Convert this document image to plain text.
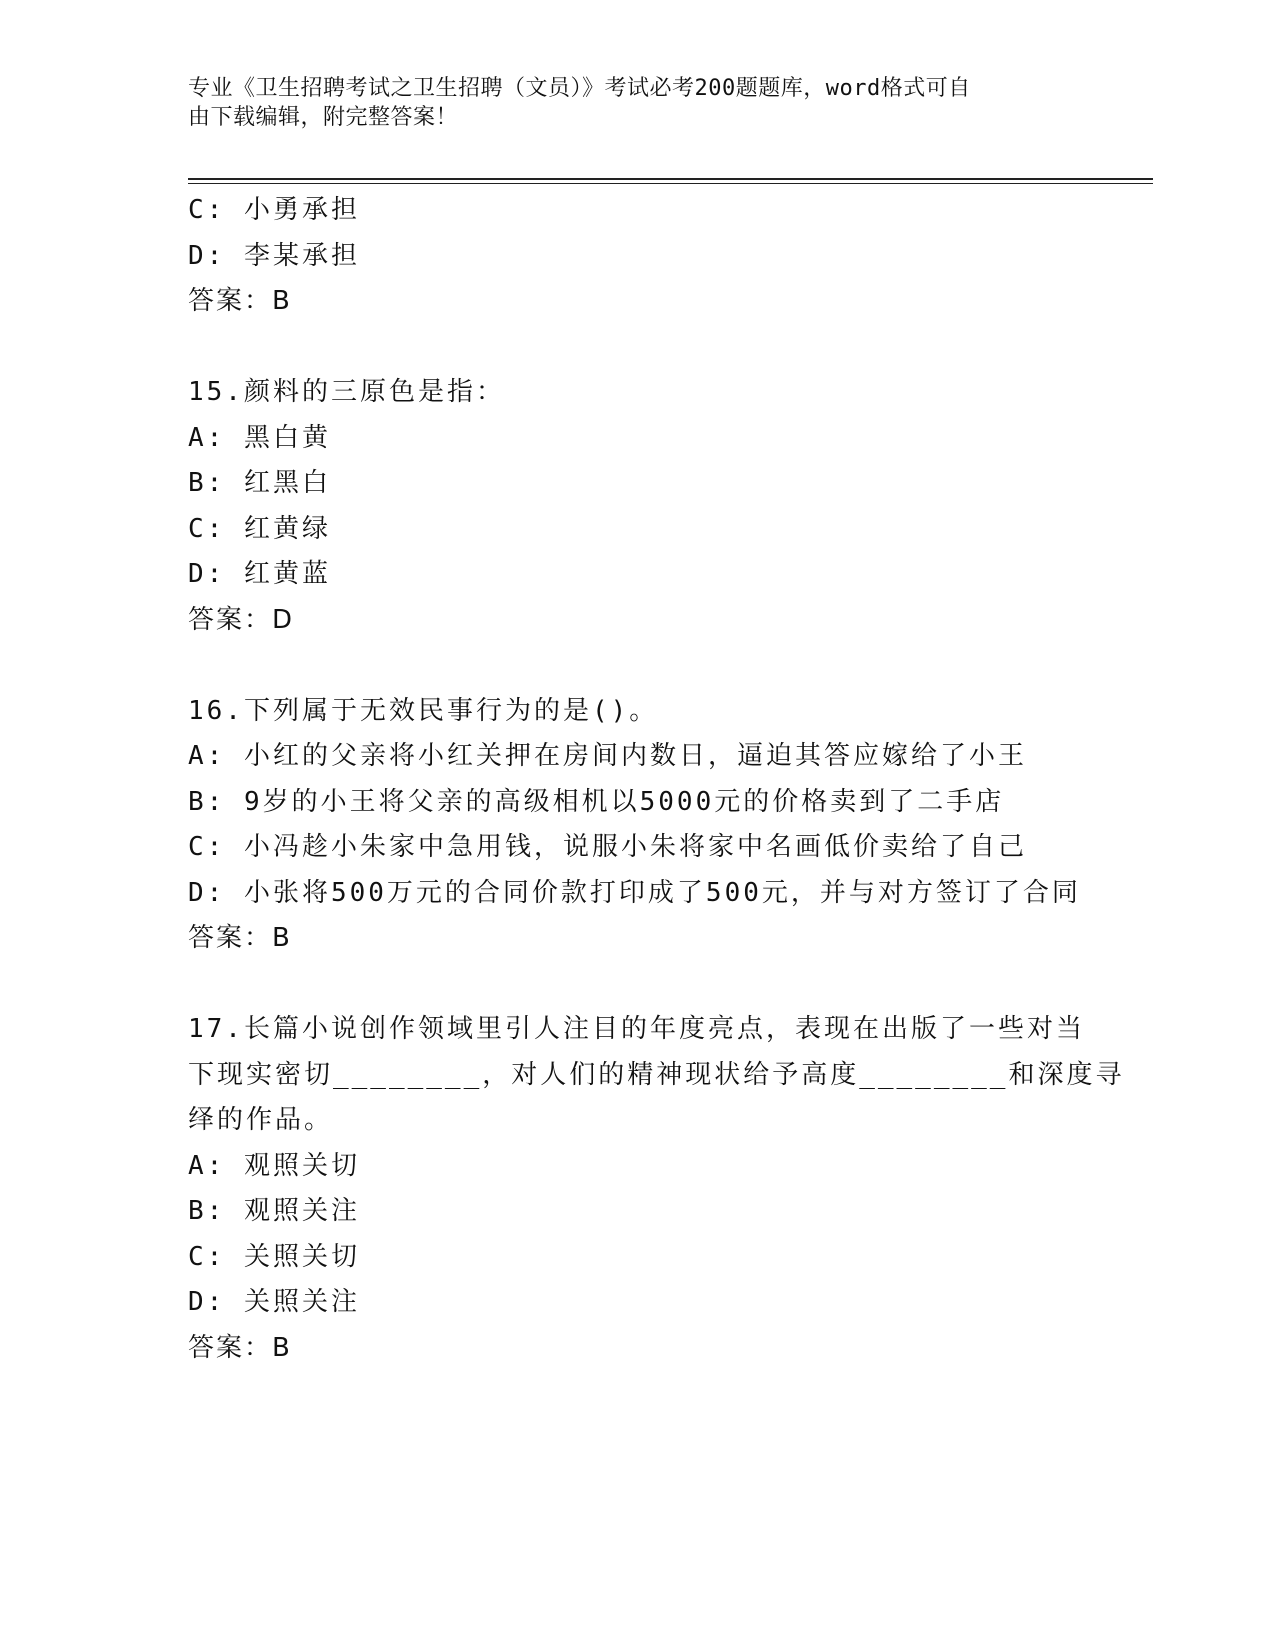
专业《卫生招聘考试之卫生招聘（文员）》考试必考200题题库，word格式可自
由下载编辑，附完整答案！
C: 小勇承担
D: 李某承担
答案：B
15.颜料的三原色是指：
A: 黑白黄
B: 红黑白
C: 红黄绿
D: 红黄蓝
答案：D
16.下列属于无效民事行为的是()。
A: 小红的父亲将小红关押在房间内数日，逼迫其答应嫁给了小王
B: 9岁的小王将父亲的高级相机以5000元的价格卖到了二手店
C: 小冯趁小朱家中急用钱，说服小朱将家中名画低价卖给了自己
D: 小张将500万元的合同价款打印成了500元，并与对方签订了合同
答案：B
17.长篇小说创作领域里引人注目的年度亮点，表现在出版了一些对当
下现实密切________，对人们的精神现状给予高度________和深度寻
绎的作品。
A: 观照关切
B: 观照关注
C: 关照关切
D: 关照关注
答案：B
